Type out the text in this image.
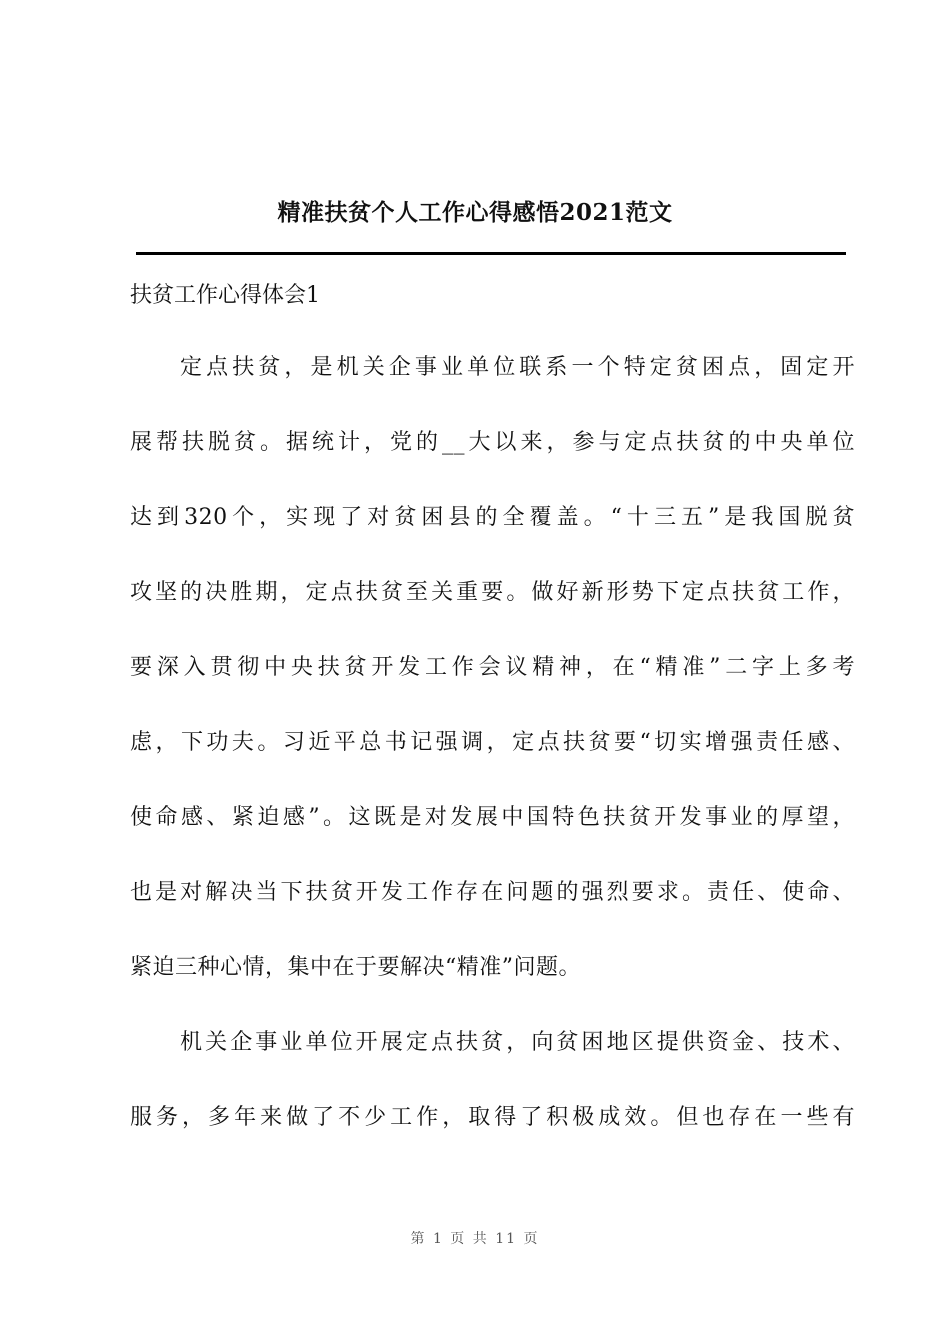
精准扶贫个人工作心得感悟2021范文
扶贫工作心得体会1
定点扶贫，是机关企事业单位联系一个特定贫困点，固定开
展帮扶脱贫。据统计，党的__大以来，参与定点扶贫的中央单位
达到320个，实现了对贫困县的全覆盖。“十三五”是我国脱贫
攻坚的决胜期，定点扶贫至关重要。做好新形势下定点扶贫工作，
要深入贯彻中央扶贫开发工作会议精神，在“精准”二字上多考
虑，下功夫。习近平总书记强调，定点扶贫要“切实增强责任感、
使命感、紧迫感”。这既是对发展中国特色扶贫开发事业的厚望，
也是对解决当下扶贫开发工作存在问题的强烈要求。责任、使命、
紧迫三种心情，集中在于要解决“精准”问题。
机关企事业单位开展定点扶贫，向贫困地区提供资金、技术、
服务，多年来做了不少工作，取得了积极成效。但也存在一些有
第 1 页 共 11 页
